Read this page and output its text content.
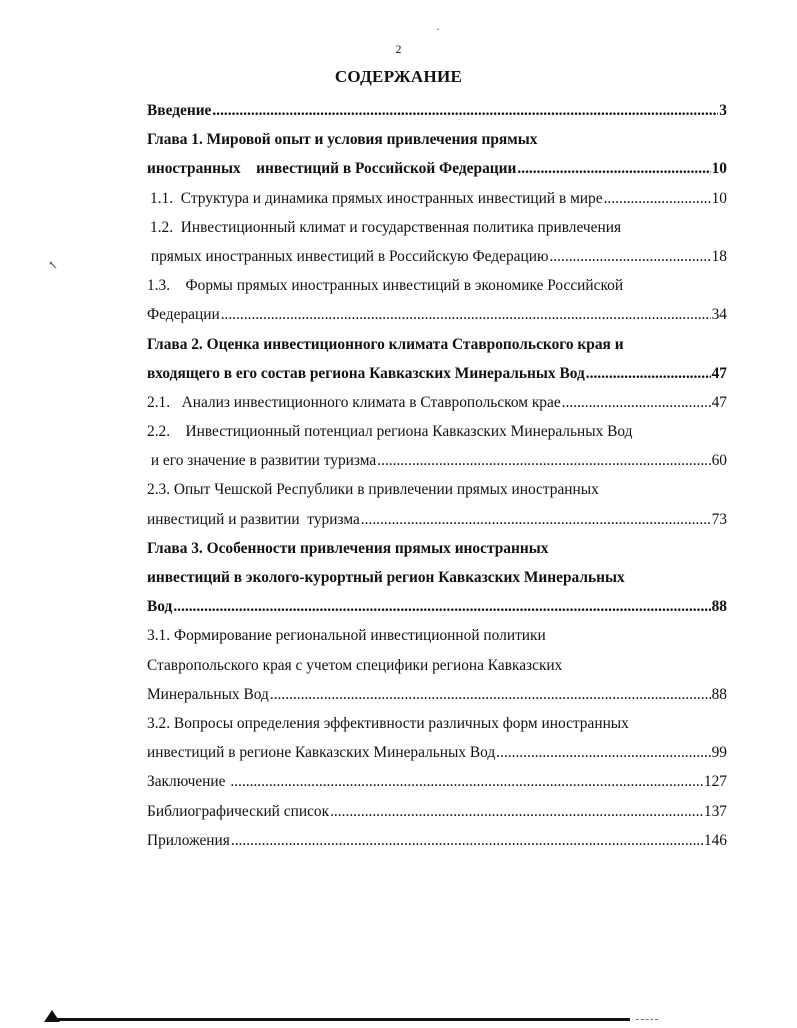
2
СОДЕРЖАНИЕ
·
↖
Введение .....	3
Глава 1. Мировой опыт и условия привлечения прямых
иностранных    инвестиций в Российской Федерации .....	10
1.1.  Структура и динамика прямых иностранных инвестиций в мире .....	10
1.2.  Инвестиционный климат и государственная политика привлечения
прямых иностранных инвестиций в Российскую Федерацию .....	18
1.3.    Формы прямых иностранных инвестиций в экономике Российской
Федерации .....	34
Глава 2. Оценка инвестиционного климата Ставропольского края и
входящего в его состав региона Кавказских Минеральных Вод .....	47
2.1.   Анализ инвестиционного климата в Ставропольском крае .....	47
2.2.    Инвестиционный потенциал региона Кавказских Минеральных Вод
и его значение в развитии туризма .....	60
2.3. Опыт Чешской Республики в привлечении прямых иностранных
инвестиций и развитии  туризма .....	73
Глава 3. Особенности привлечения прямых иностранных
инвестиций в эколого-курортный регион Кавказских Минеральных
Вод .....	88
3.1. Формирование региональной инвестиционной политики
Ставропольского края с учетом специфики региона Кавказских
Минеральных Вод .....	88
3.2. Вопросы определения эффективности различных форм иностранных
инвестиций в регионе Кавказских Минеральных Вод .....	99
Заключение .....	127
Библиографический список .....	137
Приложения .....	146
